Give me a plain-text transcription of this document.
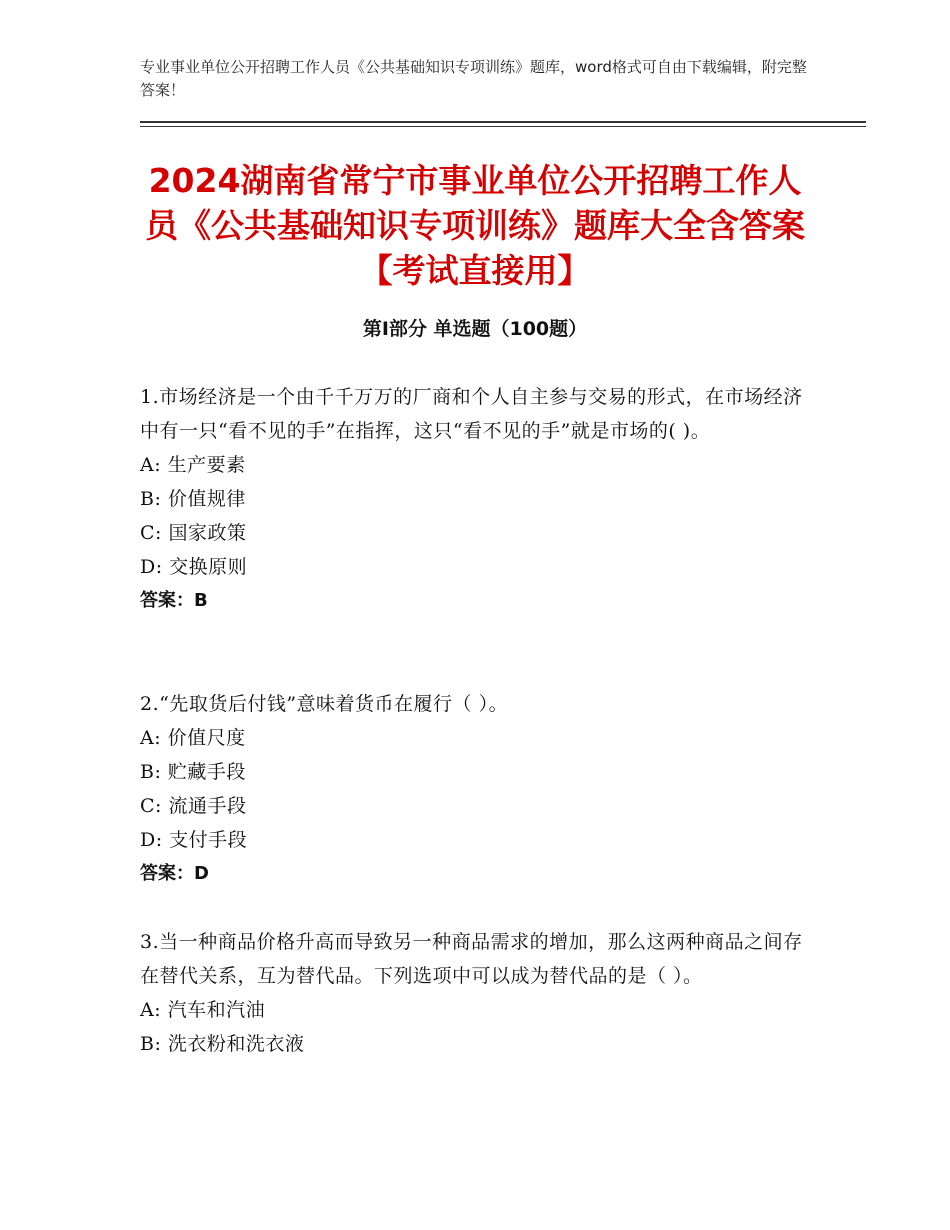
专业事业单位公开招聘工作人员《公共基础知识专项训练》题库，word格式可自由下载编辑，附完整答案！
2024湖南省常宁市事业单位公开招聘工作人员《公共基础知识专项训练》题库大全含答案【考试直接用】
第Ⅰ部分 单选题（100题）

1.市场经济是一个由千千万万的厂商和个人自主参与交易的形式，在市场经济中有一只“看不见的手”在指挥，这只“看不见的手”就是市场的( )。

A: 生产要素
B: 价值规律
C: 国家政策
D: 交换原则
答案：B

2.“先取货后付钱”意味着货币在履行（ ）。

A: 价值尺度
B: 贮藏手段
C: 流通手段
D: 支付手段
答案：D

3.当一种商品价格升高而导致另一种商品需求的增加，那么这两种商品之间存在替代关系，互为替代品。下列选项中可以成为替代品的是（ ）。

A: 汽车和汽油
B: 洗衣粉和洗衣液
